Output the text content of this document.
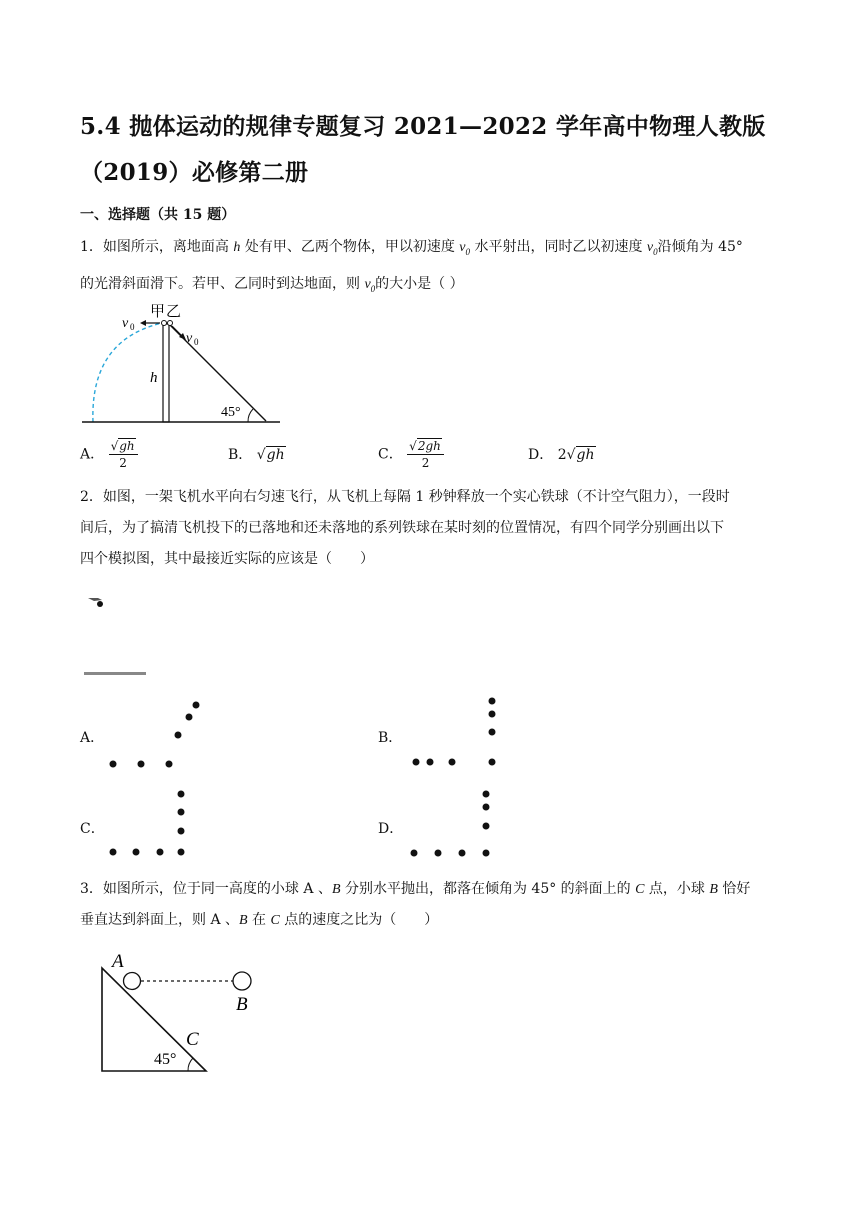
5.4 抛体运动的规律专题复习 2021—2022 学年高中物理人教版（2019）必修第二册
一、选择题（共 15 题）
1．如图所示，离地面高 h 处有甲、乙两个物体，甲以初速度 $v_0$ 水平射出，同时乙以初速度 $v_0$沿倾角为 45°
的光滑斜面滑下。若甲、乙同时到达地面，则 $v_0$的大小是（ ）
甲 乙
v 0
v 0
h
45°
A． $\frac{√gh}{2}$	B． √gh	C． $\frac{√2gh}{2}$	D． 2√gh
2．如图，一架飞机水平向右匀速飞行，从飞机上每隔 1 秒钟释放一个实心铁球（不计空气阻力），一段时
间后，为了搞清飞机投下的已落地和还未落地的系列铁球在某时刻的位置情况，有四个同学分别画出以下
四个模拟图，其中最接近实际的应该是（　　）
A．	B．
C．	D．
3．如图所示，位于同一高度的小球 A 、B 分别水平抛出，都落在倾角为 45° 的斜面上的 C 点，小球 B 恰好
垂直达到斜面上，则 A 、B 在 C 点的速度之比为（　　）
A
B
C
45°
